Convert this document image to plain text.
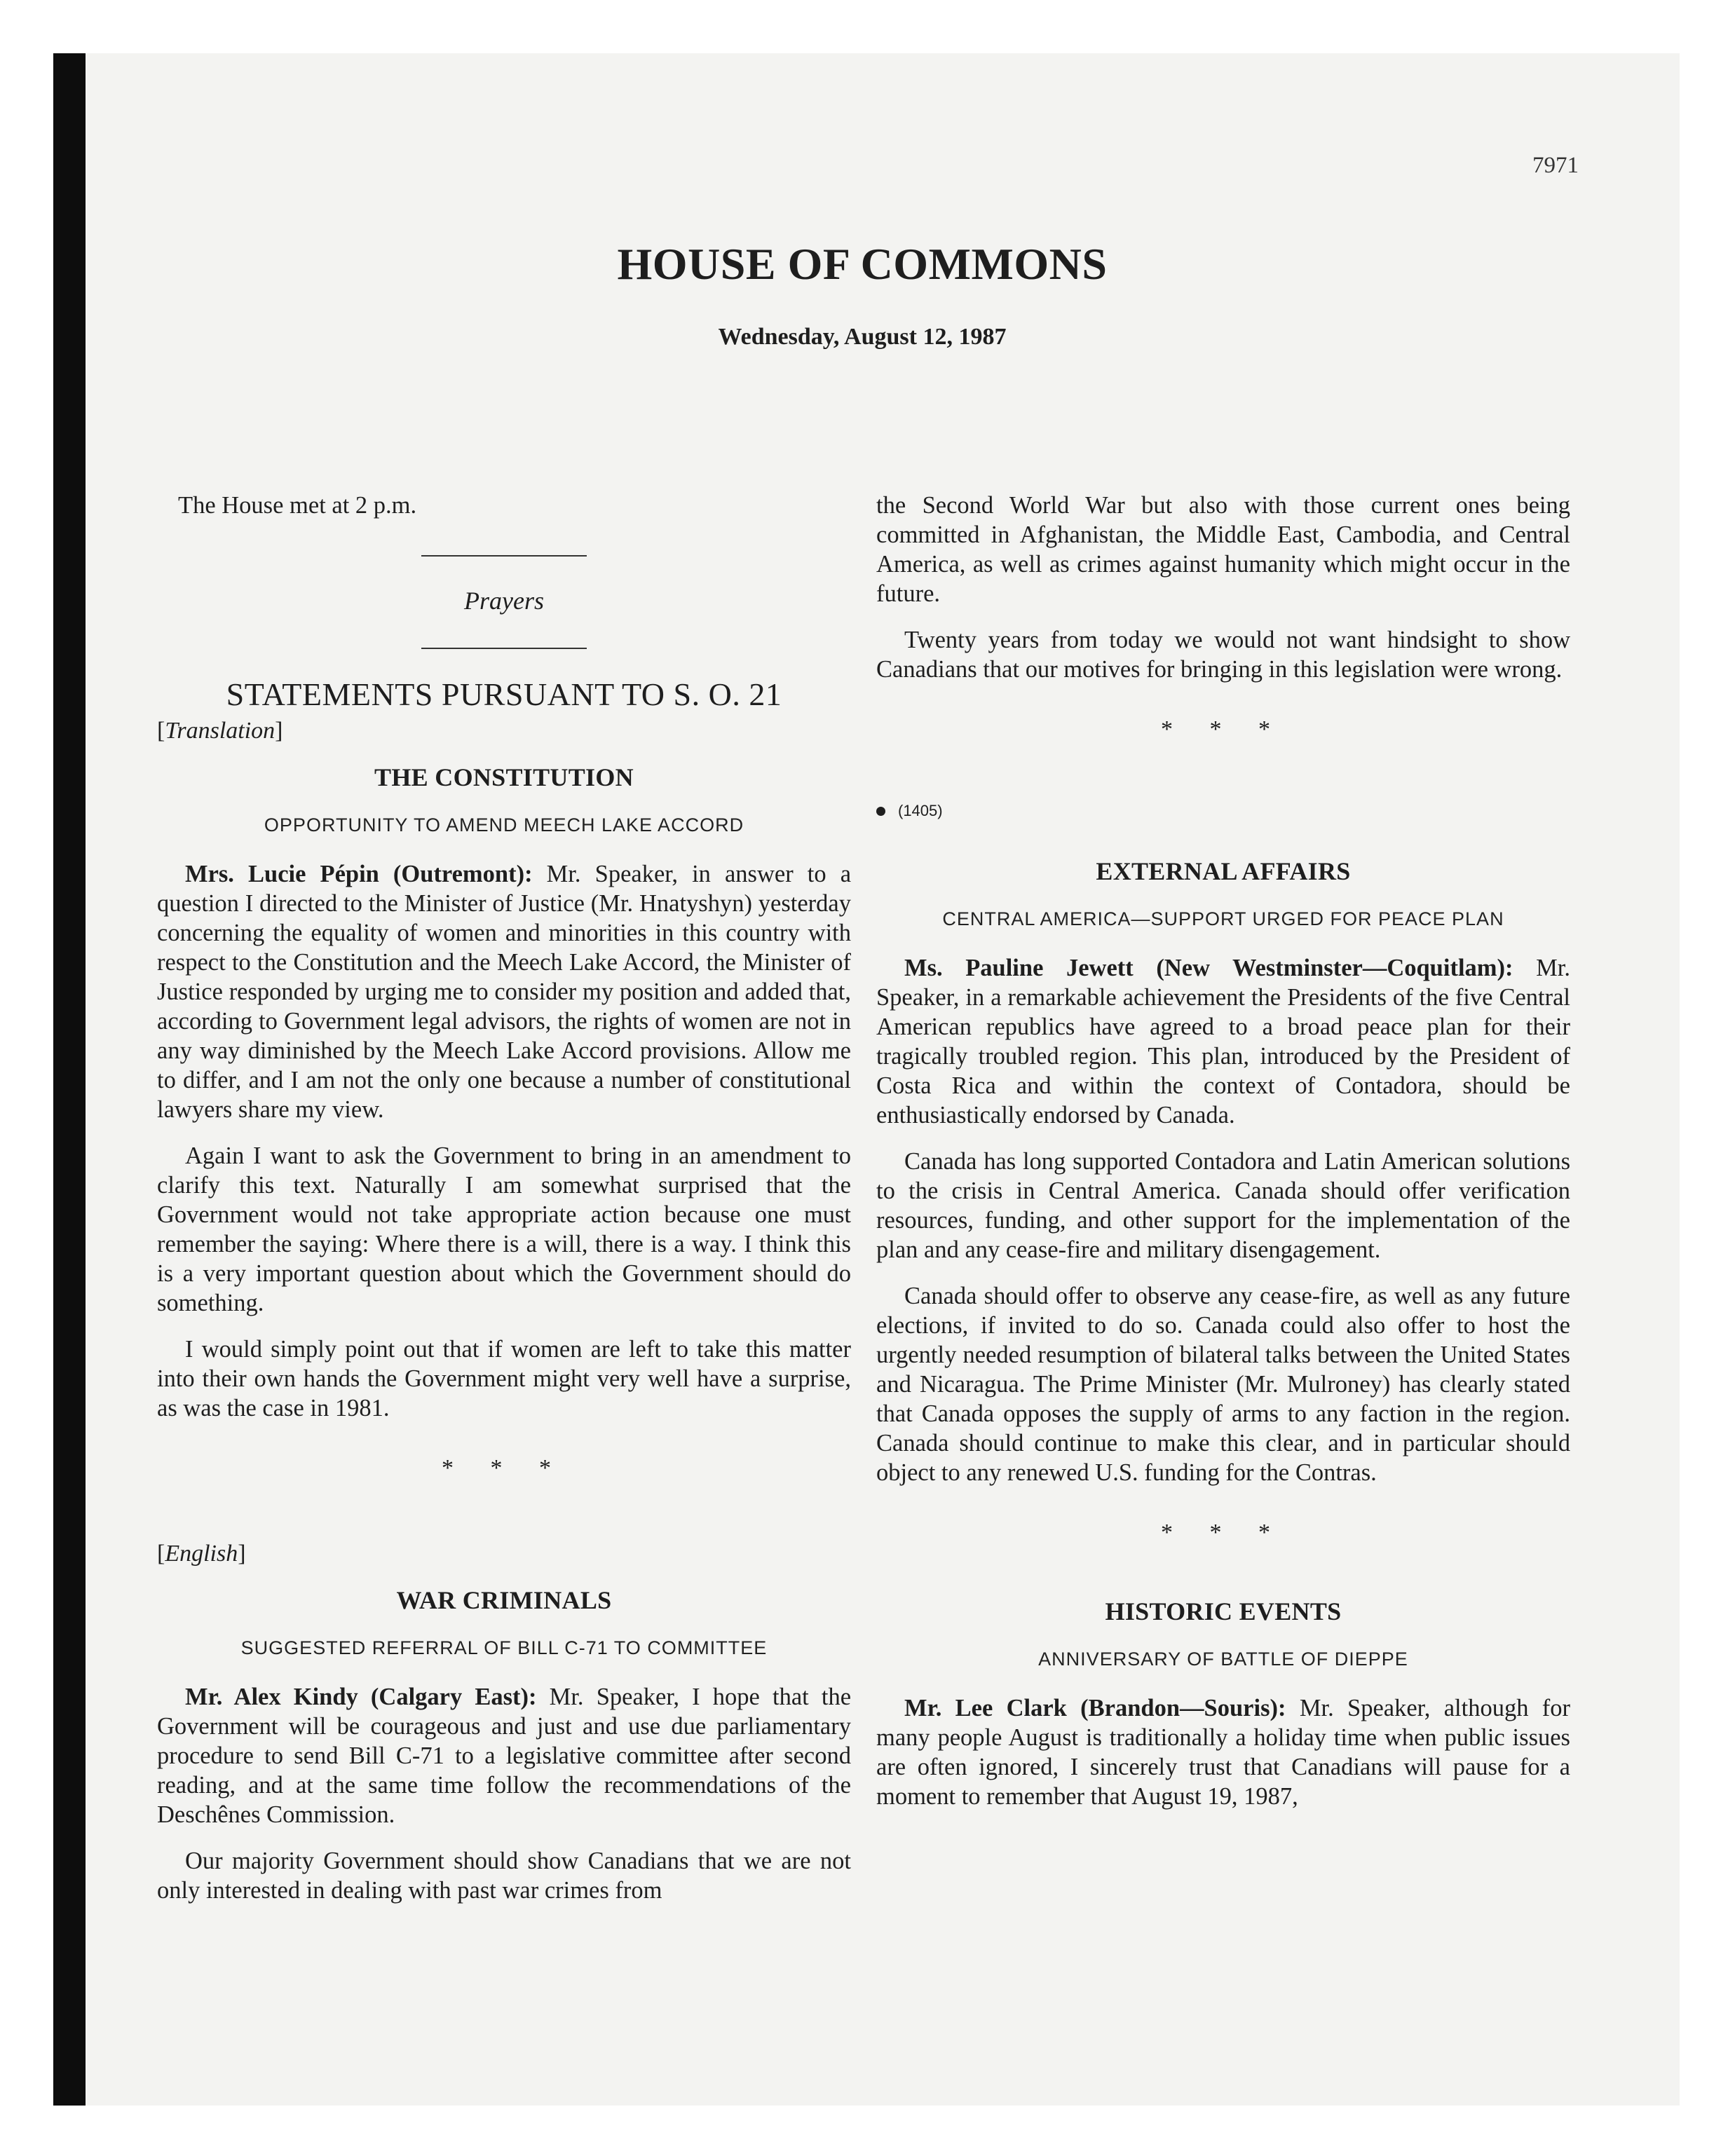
7971
HOUSE OF COMMONS
Wednesday, August 12, 1987

The House met at 2 p.m.

Prayers
STATEMENTS PURSUANT TO S. O. 21

[Translation]

THE CONSTITUTION
OPPORTUNITY TO AMEND MEECH LAKE ACCORD

Mrs. Lucie Pépin (Outremont): Mr. Speaker, in answer to a question I directed to the Minister of Justice (Mr. Hnatyshyn) yesterday concerning the equality of women and minorities in this country with respect to the Constitution and the Meech Lake Accord, the Minister of Justice responded by urging me to consider my position and added that, according to Government legal advisors, the rights of women are not in any way diminished by the Meech Lake Accord provisions. Allow me to differ, and I am not the only one because a number of constitutional lawyers share my view.

Again I want to ask the Government to bring in an amendment to clarify this text. Naturally I am somewhat surprised that the Government would not take appropriate action because one must remember the saying: Where there is a will, there is a way. I think this is a very important question about which the Government should do something.

I would simply point out that if women are left to take this matter into their own hands the Government might very well have a surprise, as was the case in 1981.

* * *

[English]

WAR CRIMINALS
SUGGESTED REFERRAL OF BILL C-71 TO COMMITTEE

Mr. Alex Kindy (Calgary East): Mr. Speaker, I hope that the Government will be courageous and just and use due parliamentary procedure to send Bill C-71 to a legislative committee after second reading, and at the same time follow the recommendations of the Deschênes Commission.

Our majority Government should show Canadians that we are not only interested in dealing with past war crimes from

the Second World War but also with those current ones being committed in Afghanistan, the Middle East, Cambodia, and Central America, as well as crimes against humanity which might occur in the future.

Twenty years from today we would not want hindsight to show Canadians that our motives for bringing in this legislation were wrong.

* * *
(1405)
EXTERNAL AFFAIRS
CENTRAL AMERICA—SUPPORT URGED FOR PEACE PLAN

Ms. Pauline Jewett (New Westminster—Coquitlam): Mr. Speaker, in a remarkable achievement the Presidents of the five Central American republics have agreed to a broad peace plan for their tragically troubled region. This plan, introduced by the President of Costa Rica and within the context of Contadora, should be enthusiastically endorsed by Canada.

Canada has long supported Contadora and Latin American solutions to the crisis in Central America. Canada should offer verification resources, funding, and other support for the implementation of the plan and any cease-fire and military disengagement.

Canada should offer to observe any cease-fire, as well as any future elections, if invited to do so. Canada could also offer to host the urgently needed resumption of bilateral talks between the United States and Nicaragua. The Prime Minister (Mr. Mulroney) has clearly stated that Canada opposes the supply of arms to any faction in the region. Canada should continue to make this clear, and in particular should object to any renewed U.S. funding for the Contras.

* * *
HISTORIC EVENTS
ANNIVERSARY OF BATTLE OF DIEPPE

Mr. Lee Clark (Brandon—Souris): Mr. Speaker, although for many people August is traditionally a holiday time when public issues are often ignored, I sincerely trust that Canadians will pause for a moment to remember that August 19, 1987,
